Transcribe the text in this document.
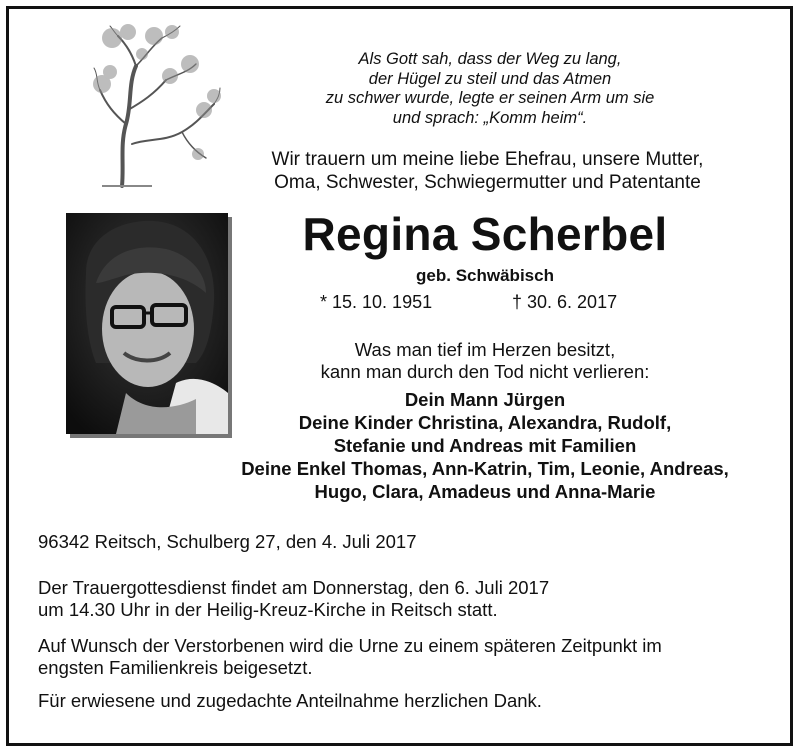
Als Gott sah, dass der Weg zu lang,
der Hügel zu steil und das Atmen
zu schwer wurde, legte er seinen Arm um sie
und sprach: „Komm heim“.
Wir trauern um meine liebe Ehefrau, unsere Mutter,
Oma, Schwester, Schwiegermutter und Patentante
Regina Scherbel
geb. Schwäbisch
* 15. 10. 1951	† 30. 6. 2017
Was man tief im Herzen besitzt,
kann man durch den Tod nicht verlieren:
Dein Mann Jürgen
Deine Kinder Christina, Alexandra, Rudolf,
Stefanie und Andreas mit Familien
Deine Enkel Thomas, Ann-Katrin, Tim, Leonie, Andreas,
Hugo, Clara, Amadeus und Anna-Marie
96342 Reitsch, Schulberg 27, den 4. Juli 2017
Der Trauergottesdienst findet am Donnerstag, den 6. Juli 2017
um 14.30 Uhr in der Heilig-Kreuz-Kirche in Reitsch statt.
Auf Wunsch der Verstorbenen wird die Urne zu einem späteren Zeitpunkt im
engsten Familienkreis beigesetzt.
Für erwiesene und zugedachte Anteilnahme herzlichen Dank.
